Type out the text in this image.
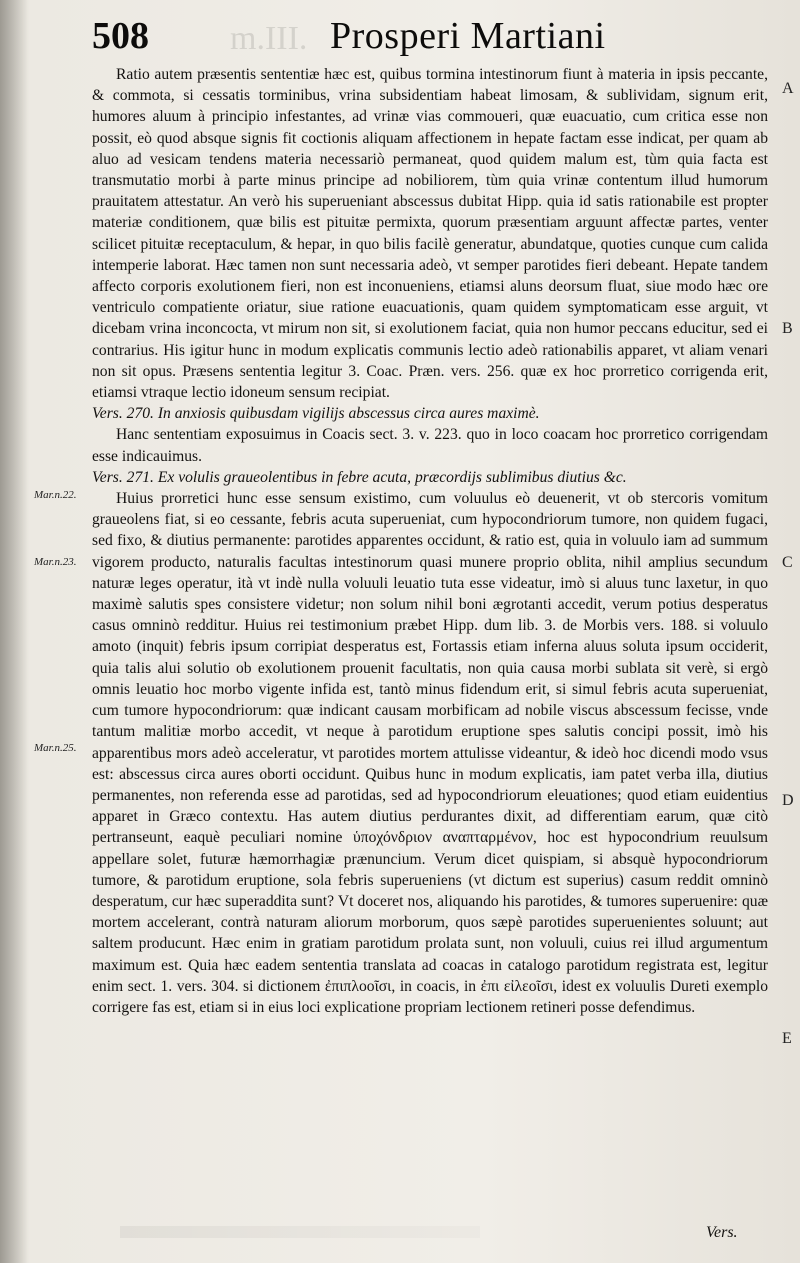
m.III.
508	Prosperi Martiani

Ratio autem præsentis sententiæ hæc est, quibus tormina intestinorum fiunt à materia in ipsis peccante, & commota, si cessatis torminibus, vrina subsidentiam habeat limosam, & sublividam, signum erit, humores aluum à principio infestantes, ad vrinæ vias commoueri, quæ euacuatio, cum critica esse non possit, eò quod absque signis fit coctionis aliquam affectionem in hepate factam esse indicat, per quam ab aluo ad vesicam tendens materia necessariò permaneat, quod quidem malum est, tùm quia facta est transmutatio morbi à parte minus principe ad nobiliorem, tùm quia vrinæ contentum illud humorum prauitatem attestatur. An verò his superueniant abscessus dubitat Hipp. quia id satis rationabile est propter materiæ conditionem, quæ bilis est pituitæ permixta, quorum præsentiam arguunt affectæ partes, venter scilicet pituitæ receptaculum, & hepar, in quo bilis facilè generatur, abundatque, quoties cunque cum calida intemperie laborat. Hæc tamen non sunt necessaria adeò, vt semper parotides fieri debeant. Hepate tandem affecto corporis exolutionem fieri, non est inconueniens, etiamsi aluns deorsum fluat, siue modo hæc ore ventriculo compatiente oriatur, siue ratione euacuationis, quam quidem symptomaticam esse arguit, vt dicebam vrina inconcocta, vt mirum non sit, si exolutionem faciat, quia non humor peccans educitur, sed ei contrarius. His igitur hunc in modum explicatis communis lectio adeò rationabilis apparet, vt aliam venari non sit opus. Præsens sententia legitur 3. Coac. Præn. vers. 256. quæ ex hoc prorretico corrigenda erit, etiamsi vtraque lectio idoneum sensum recipiat.

Vers. 270. In anxiosis quibusdam vigilijs abscessus circa aures maximè.

Hanc sententiam exposuimus in Coacis sect. 3. v. 223. quo in loco coacam hoc prorretico corrigendam esse indicauimus.

Vers. 271. Ex volulis graueolentibus in febre acuta, præcordijs sublimibus diutius &c.

Huius prorretici hunc esse sensum existimo, cum voluulus eò deuenerit, vt ob stercoris vomitum graueolens fiat, si eo cessante, febris acuta superueniat, cum hypocondriorum tumore, non quidem fugaci, sed fixo, & diutius permanente: parotides apparentes occidunt, & ratio est, quia in voluulo iam ad summum vigorem producto, naturalis facultas intestinorum quasi munere proprio oblita, nihil amplius secundum naturæ leges operatur, ità vt indè nulla voluuli leuatio tuta esse videatur, imò si aluus tunc laxetur, in quo maximè salutis spes consistere videtur; non solum nihil boni ægrotanti accedit, verum potius desperatus casus omninò redditur. Huius rei testimonium præbet Hipp. dum lib. 3. de Morbis vers. 188. si voluulo amoto (inquit) febris ipsum corripiat desperatus est, Fortassis etiam inferna aluus soluta ipsum occiderit, quia talis alui solutio ob exolutionem prouenit facultatis, non quia causa morbi sublata sit verè, si ergò omnis leuatio hoc morbo vigente infida est, tantò minus fidendum erit, si simul febris acuta superueniat, cum tumore hypocondriorum: quæ indicant causam morbificam ad nobile viscus abscessum fecisse, vnde tantum malitiæ morbo accedit, vt neque à parotidum eruptione spes salutis concipi possit, imò his apparentibus mors adeò acceleratur, vt parotides mortem attulisse videantur, & ideò hoc dicendi modo vsus est: abscessus circa aures oborti occidunt. Quibus hunc in modum explicatis, iam patet verba illa, diutius permanentes, non referenda esse ad parotidas, sed ad hypocondriorum eleuationes; quod etiam euidentius apparet in Græco contextu. Has autem diutius perdurantes dixit, ad differentiam earum, quæ citò pertranseunt, eaquè peculiari nomine ὑποχόνδριον αναπταρμένον, hoc est hypocondrium reuulsum appellare solet, futuræ hæmorrhagiæ prænuncium. Verum dicet quispiam, si absquè hypocondriorum tumore, & parotidum eruptione, sola febris superueniens (vt dictum est superius) casum reddit omninò desperatum, cur hæc superaddita sunt? Vt doceret nos, aliquando his parotides, & tumores superuenire: quæ mortem accelerant, contrà naturam aliorum morborum, quos sæpè parotides superuenientes soluunt; aut saltem producunt. Hæc enim in gratiam parotidum prolata sunt, non voluuli, cuius rei illud argumentum maximum est. Quia hæc eadem sententia translata ad coacas in catalogo parotidum registrata est, legitur enim sect. 1. vers. 304. si dictionem ἐπιπλοοῖσι, in coacis, in ἐπι εἰλεοῖσι, idest ex voluulis Dureti exemplo corrigere fas est, etiam si in eius loci explicatione propriam lectionem retineri posse defendimus.

Mar.n.22.
Mar.n.23.
Mar.n.25.
A
B
C
D
E
Vers.
